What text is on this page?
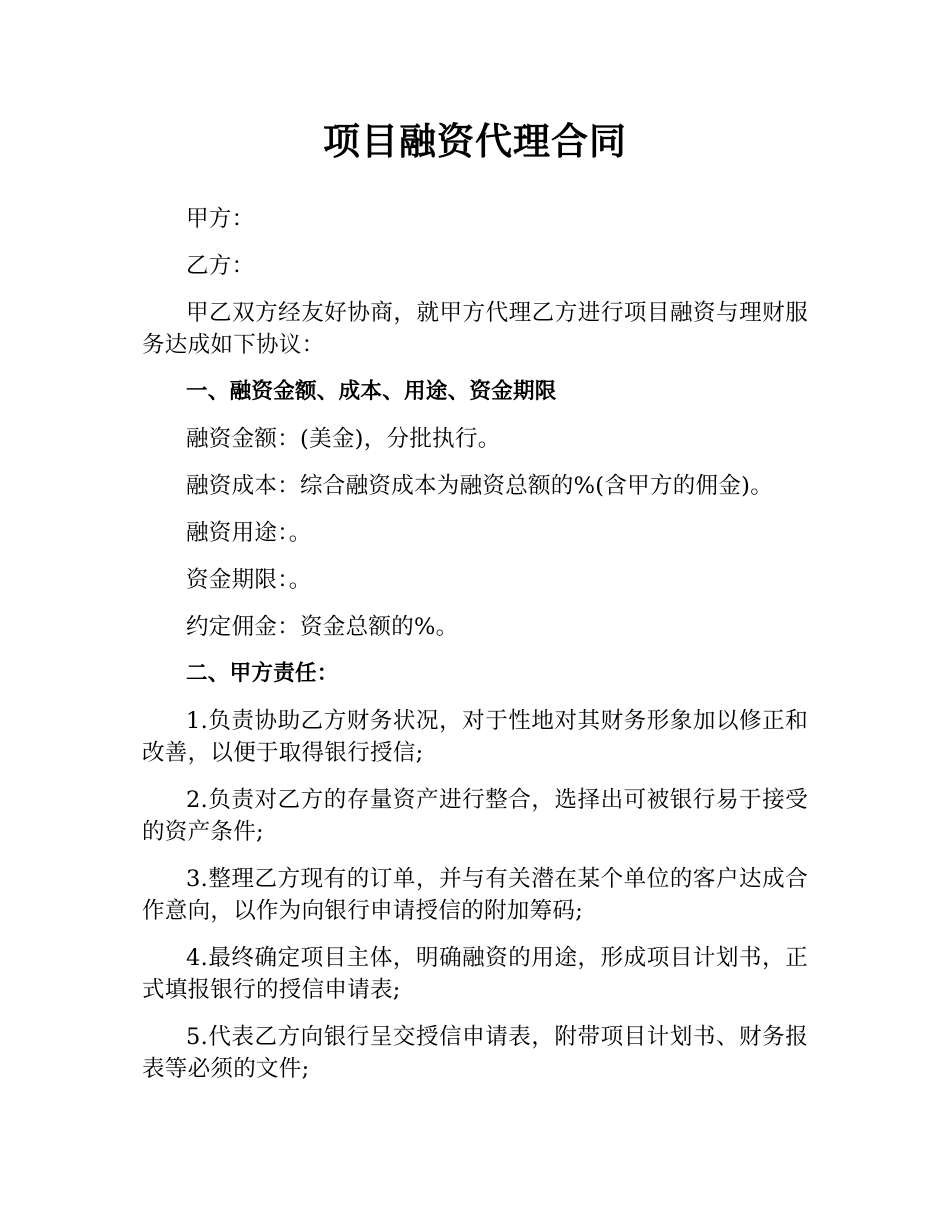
项目融资代理合同

甲方：

乙方：

甲乙双方经友好协商，就甲方代理乙方进行项目融资与理财服务达成如下协议：

一、融资金额、成本、用途、资金期限

融资金额：(美金)，分批执行。

融资成本：综合融资成本为融资总额的%(含甲方的佣金)。

融资用途：。

资金期限：。

约定佣金：资金总额的%。

二、甲方责任：

1.负责协助乙方财务状况，对于性地对其财务形象加以修正和改善，以便于取得银行授信;

2.负责对乙方的存量资产进行整合，选择出可被银行易于接受的资产条件;

3.整理乙方现有的订单，并与有关潜在某个单位的客户达成合作意向，以作为向银行申请授信的附加筹码;

4.最终确定项目主体，明确融资的用途，形成项目计划书，正式填报银行的授信申请表;

5.代表乙方向银行呈交授信申请表，附带项目计划书、财务报表等必须的文件;
